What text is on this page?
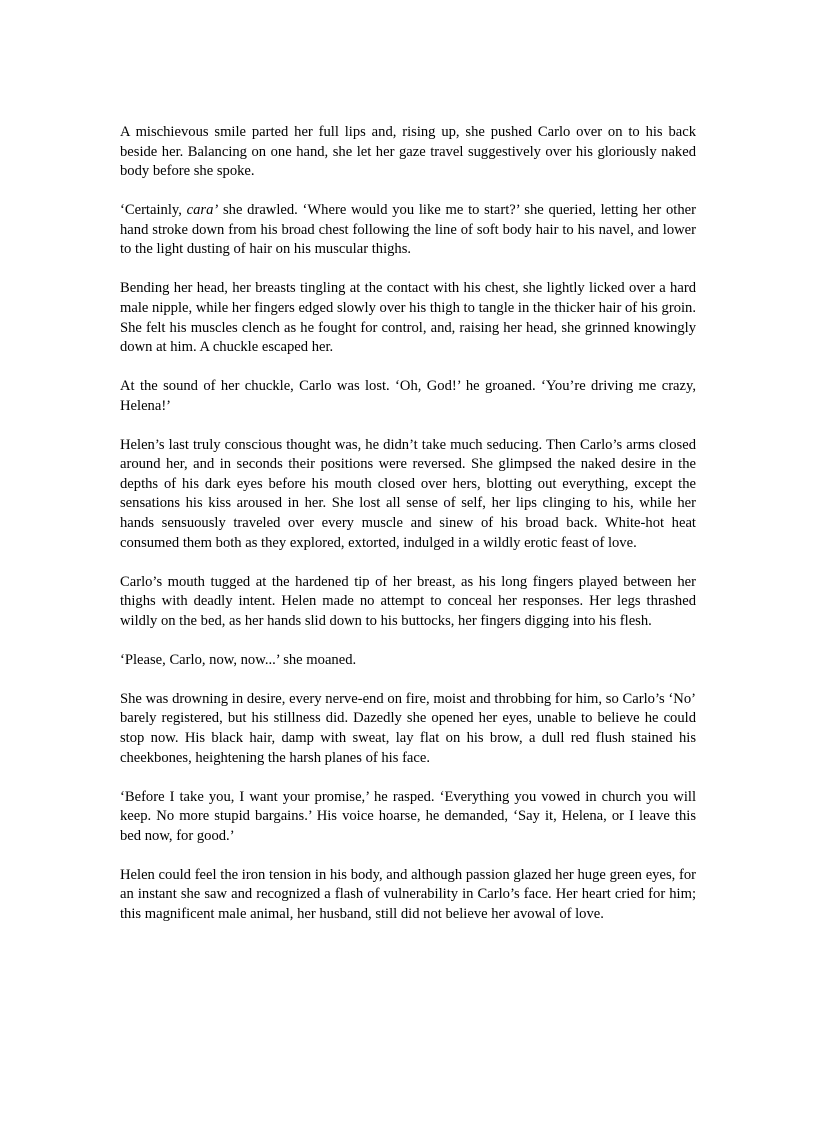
A mischievous smile parted her full lips and, rising up, she pushed Carlo over on to his back beside her. Balancing on one hand, she let her gaze travel suggestively over his gloriously naked body before she spoke.

‘Certainly, cara’ she drawled. ‘Where would you like me to start?’ she queried, letting her other hand stroke down from his broad chest following the line of soft body hair to his navel, and lower to the light dusting of hair on his muscular thighs.

Bending her head, her breasts tingling at the contact with his chest, she lightly licked over a hard male nipple, while her fingers edged slowly over his thigh to tangle in the thicker hair of his groin. She felt his muscles clench as he fought for control, and, raising her head, she grinned knowingly down at him. A chuckle escaped her.

At the sound of her chuckle, Carlo was lost. ‘Oh, God!’ he groaned. ‘You’re driving me crazy, Helena!’

Helen’s last truly conscious thought was, he didn’t take much seducing. Then Carlo’s arms closed around her, and in seconds their positions were reversed. She glimpsed the naked desire in the depths of his dark eyes before his mouth closed over hers, blotting out everything, except the sensations his kiss aroused in her. She lost all sense of self, her lips clinging to his, while her hands sensuously traveled over every muscle and sinew of his broad back. White-hot heat consumed them both as they explored, extorted, indulged in a wildly erotic feast of love.

Carlo’s mouth tugged at the hardened tip of her breast, as his long fingers played between her thighs with deadly intent. Helen made no attempt to conceal her responses. Her legs thrashed wildly on the bed, as her hands slid down to his buttocks, her fingers digging into his flesh.

‘Please, Carlo, now, now...’ she moaned.

She was drowning in desire, every nerve-end on fire, moist and throbbing for him, so Carlo’s ‘No’ barely registered, but his stillness did. Dazedly she opened her eyes, unable to believe he could stop now. His black hair, damp with sweat, lay flat on his brow, a dull red flush stained his cheekbones, heightening the harsh planes of his face.

‘Before I take you, I want your promise,’ he rasped. ‘Everything you vowed in church you will keep. No more stupid bargains.’ His voice hoarse, he demanded, ‘Say it, Helena, or I leave this bed now, for good.’

Helen could feel the iron tension in his body, and although passion glazed her huge green eyes, for an instant she saw and recognized a flash of vulnerability in Carlo’s face. Her heart cried for him; this magnificent male animal, her husband, still did not believe her avowal of love.
